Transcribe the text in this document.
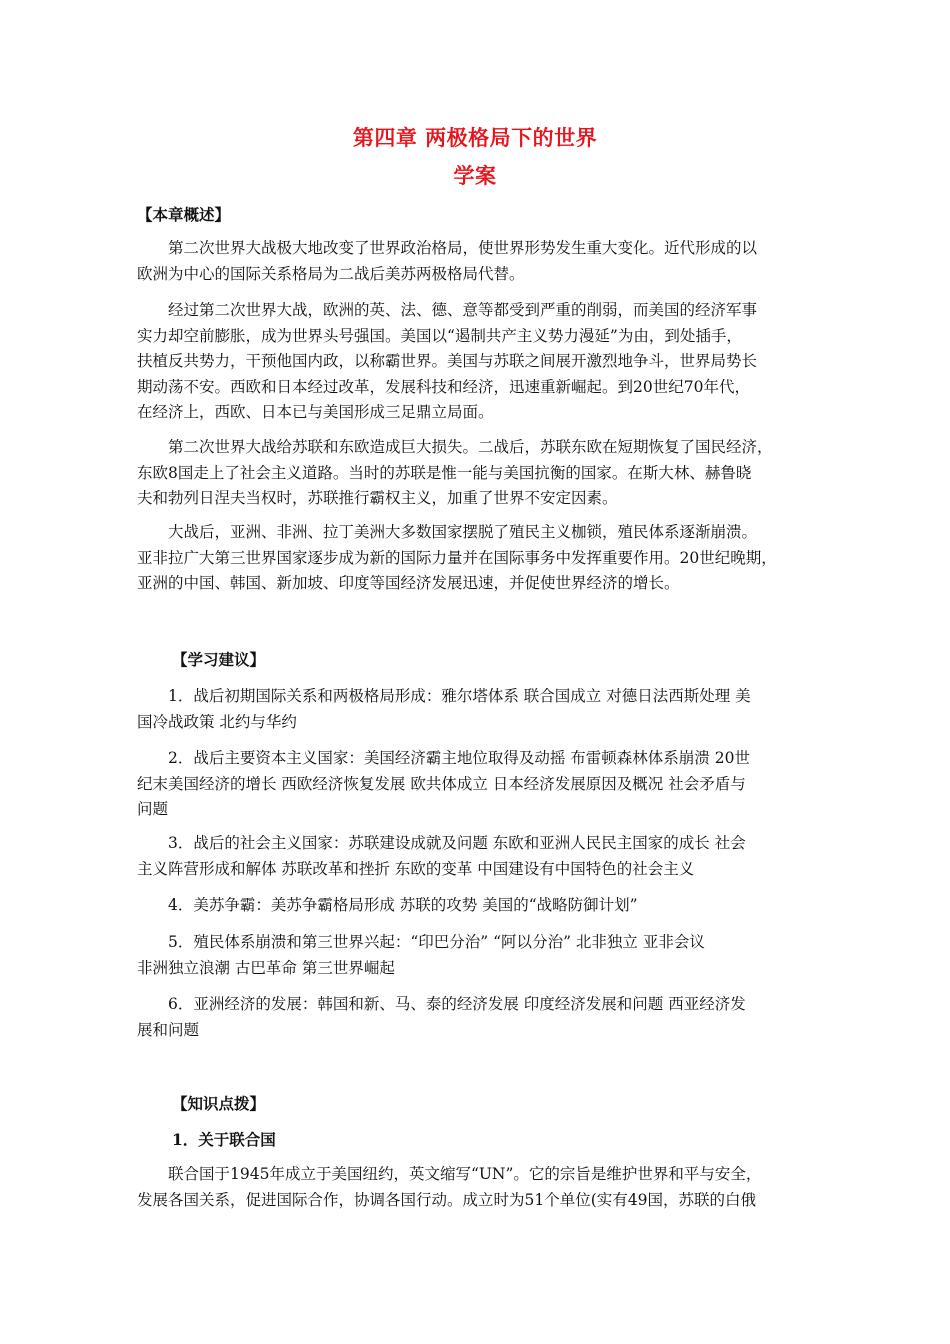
第四章 两极格局下的世界
学案
【本章概述】
　　第二次世界大战极大地改变了世界政治格局，使世界形势发生重大变化。近代形成的以
欧洲为中心的国际关系格局为二战后美苏两极格局代替。
　　经过第二次世界大战，欧洲的英、法、德、意等都受到严重的削弱，而美国的经济军事
实力却空前膨胀，成为世界头号强国。美国以“遏制共产主义势力漫延”为由，到处插手，
扶植反共势力，干预他国内政，以称霸世界。美国与苏联之间展开激烈地争斗，世界局势长
期动荡不安。西欧和日本经过改革，发展科技和经济，迅速重新崛起。到20世纪70年代，
在经济上，西欧、日本已与美国形成三足鼎立局面。
　　第二次世界大战给苏联和东欧造成巨大损失。二战后，苏联东欧在短期恢复了国民经济，
东欧8国走上了社会主义道路。当时的苏联是惟一能与美国抗衡的国家。在斯大林、赫鲁晓
夫和勃列日涅夫当权时，苏联推行霸权主义，加重了世界不安定因素。
　　大战后，亚洲、非洲、拉丁美洲大多数国家摆脱了殖民主义枷锁，殖民体系逐渐崩溃。
亚非拉广大第三世界国家逐步成为新的国际力量并在国际事务中发挥重要作用。20世纪晚期，
亚洲的中国、韩国、新加坡、印度等国经济发展迅速，并促使世界经济的增长。
【学习建议】
　　1．战后初期国际关系和两极格局形成：雅尔塔体系 联合国成立 对德日法西斯处理 美
国冷战政策 北约与华约
　　2．战后主要资本主义国家：美国经济霸主地位取得及动摇 布雷顿森林体系崩溃 20世
纪末美国经济的增长 西欧经济恢复发展 欧共体成立 日本经济发展原因及概况 社会矛盾与
问题
　　3．战后的社会主义国家：苏联建设成就及问题 东欧和亚洲人民民主国家的成长 社会
主义阵营形成和解体 苏联改革和挫折 东欧的变革 中国建设有中国特色的社会主义
　　4．美苏争霸：美苏争霸格局形成 苏联的攻势 美国的“战略防御计划”
　　5．殖民体系崩溃和第三世界兴起：“印巴分治” “阿以分治” 北非独立 亚非会议
非洲独立浪潮 古巴革命 第三世界崛起
　　6．亚洲经济的发展：韩国和新、马、泰的经济发展 印度经济发展和问题 西亚经济发
展和问题
【知识点拨】
1．关于联合国
　　联合国于1945年成立于美国纽约，英文缩写“UN”。它的宗旨是维护世界和平与安全，
发展各国关系，促进国际合作，协调各国行动。成立时为51个单位(实有49国，苏联的白俄
